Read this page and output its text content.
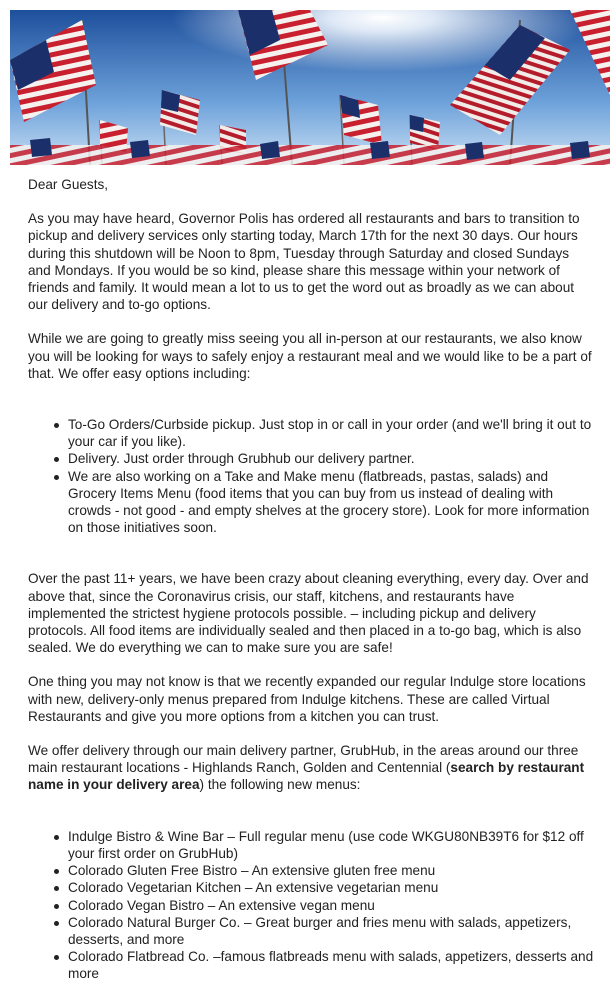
Dear Guests,

As you may have heard, Governor Polis has ordered all restaurants and bars to transition to pickup and delivery services only starting today, March 17th for the next 30 days. Our hours during this shutdown will be Noon to 8pm, Tuesday through Saturday and closed Sundays and Mondays. If you would be so kind, please share this message within your network of friends and family. It would mean a lot to us to get the word out as broadly as we can about our delivery and to-go options.

While we are going to greatly miss seeing you all in-person at our restaurants, we also know you will be looking for ways to safely enjoy a restaurant meal and we would like to be a part of that. We offer easy options including:

To-Go Orders/Curbside pickup. Just stop in or call in your order (and we'll bring it out to your car if you like).
Delivery. Just order through Grubhub our delivery partner.
We are also working on a Take and Make menu (flatbreads, pastas, salads) and Grocery Items Menu (food items that you can buy from us instead of dealing with crowds - not good - and empty shelves at the grocery store). Look for more information on those initiatives soon.

Over the past 11+ years, we have been crazy about cleaning everything, every day. Over and above that, since the Coronavirus crisis, our staff, kitchens, and restaurants have implemented the strictest hygiene protocols possible. – including pickup and delivery protocols. All food items are individually sealed and then placed in a to-go bag, which is also sealed. We do everything we can to make sure you are safe!

One thing you may not know is that we recently expanded our regular Indulge store locations with new, delivery-only menus prepared from Indulge kitchens. These are called Virtual Restaurants and give you more options from a kitchen you can trust.

We offer delivery through our main delivery partner, GrubHub, in the areas around our three main restaurant locations - Highlands Ranch, Golden and Centennial (search by restaurant name in your delivery area) the following new menus:

Indulge Bistro & Wine Bar – Full regular menu (use code WKGU80NB39T6 for $12 off your first order on GrubHub)
Colorado Gluten Free Bistro – An extensive gluten free menu
Colorado Vegetarian Kitchen – An extensive vegetarian menu
Colorado Vegan Bistro – An extensive vegan menu
Colorado Natural Burger Co. – Great burger and fries menu with salads, appetizers, desserts, and more
Colorado Flatbread Co. –famous flatbreads menu with salads, appetizers, desserts and more
